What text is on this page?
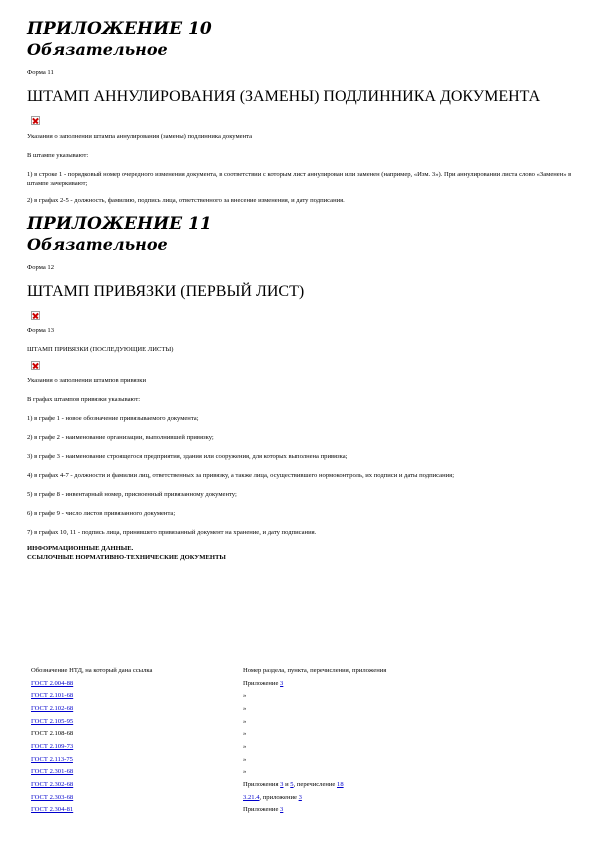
ПРИЛОЖЕНИЕ 10

Обязательное

Форма 11

ШТАМП АННУЛИРОВАНИЯ (ЗАМЕНЫ) ПОДЛИННИКА ДОКУМЕНТА

Указания о заполнении штампа аннулирования (замены) подлинника документа

В штампе указывают:

1) в строке 1 - порядковый номер очередного изменения документа, в соответствии с которым лист аннулирован или заменен (например, «Изм. 3»). При аннулировании листа слово «Заменен» в штампе зачеркивают;

2) в графах 2-5 - должность, фамилию, подпись лица, ответственного за внесение изменения, и дату подписания.

ПРИЛОЖЕНИЕ 11

Обязательное

Форма 12

ШТАМП ПРИВЯЗКИ (ПЕРВЫЙ ЛИСТ)

Форма 13

ШТАМП ПРИВЯЗКИ (ПОСЛЕДУЮЩИЕ ЛИСТЫ)

Указания о заполнении штампов привязки

В графах штампов привязки указывают:

1) в графе 1 - новое обозначение привязываемого документа;

2) в графе 2 - наименование организации, выполнившей привязку;

3) в графе 3 - наименование строящегося предприятия, здания или сооружения, для которых выполнена привязка;

4) в графах 4-7 - должности и фамилии лиц, ответственных за привязку, а также лица, осуществившего нормоконтроль, их подписи и даты подписания;

5) в графе 8 - инвентарный номер, присвоенный привязанному документу;

6) в графе 9 - число листов привязанного документа;

7) в графах 10, 11 - подпись лица, принявшего привязанный документ на хранение, и дату подписания.

ИНФОРМАЦИОННЫЕ ДАННЫЕ.

ССЫЛОЧНЫЕ НОРМАТИВНО-ТЕХНИЧЕСКИЕ ДОКУМЕНТЫ

Обозначение НТД, на который дана ссылка	Номер раздела, пункта, перечисления, приложения
ГОСТ 2.004-88	Приложение 3
ГОСТ 2.101-68	»
ГОСТ 2.102-68	»
ГОСТ 2.105-95	»
ГОСТ 2.108-68	»
ГОСТ 2.109-73	»
ГОСТ 2.113-75	»
ГОСТ 2.301-68	»
ГОСТ 2.302-68	Приложения 3 и 5, перечисление 18
ГОСТ 2.303-68	3.21.4, приложение 3
ГОСТ 2.304-81	Приложение 3
